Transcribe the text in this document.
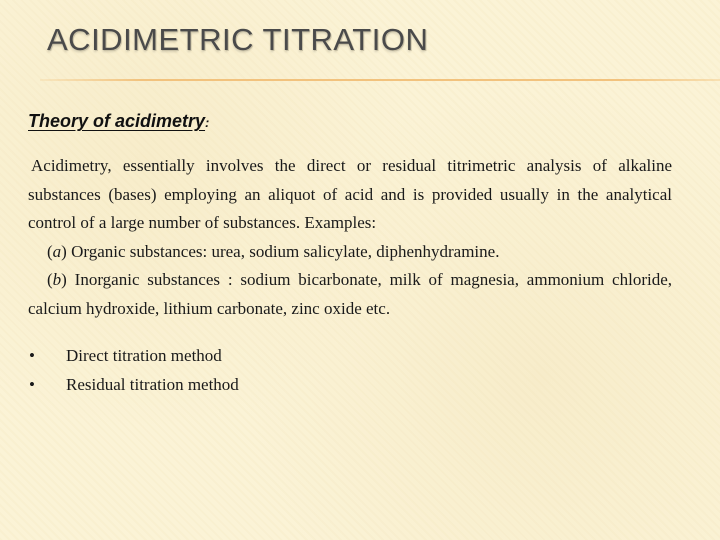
ACIDIMETRIC TITRATION
Theory of acidimetry:

Acidimetry, essentially involves the direct or residual titrimetric analysis of alkaline substances (bases) employing an aliquot of acid and is provided usually in the analytical control of a large number of substances. Examples:

(a) Organic substances: urea, sodium salicylate, diphenhydramine.

(b) Inorganic substances : sodium bicarbonate, milk of magnesia, ammonium chloride, calcium hydroxide, lithium carbonate, zinc oxide etc.

• Direct titration method
• Residual titration method
